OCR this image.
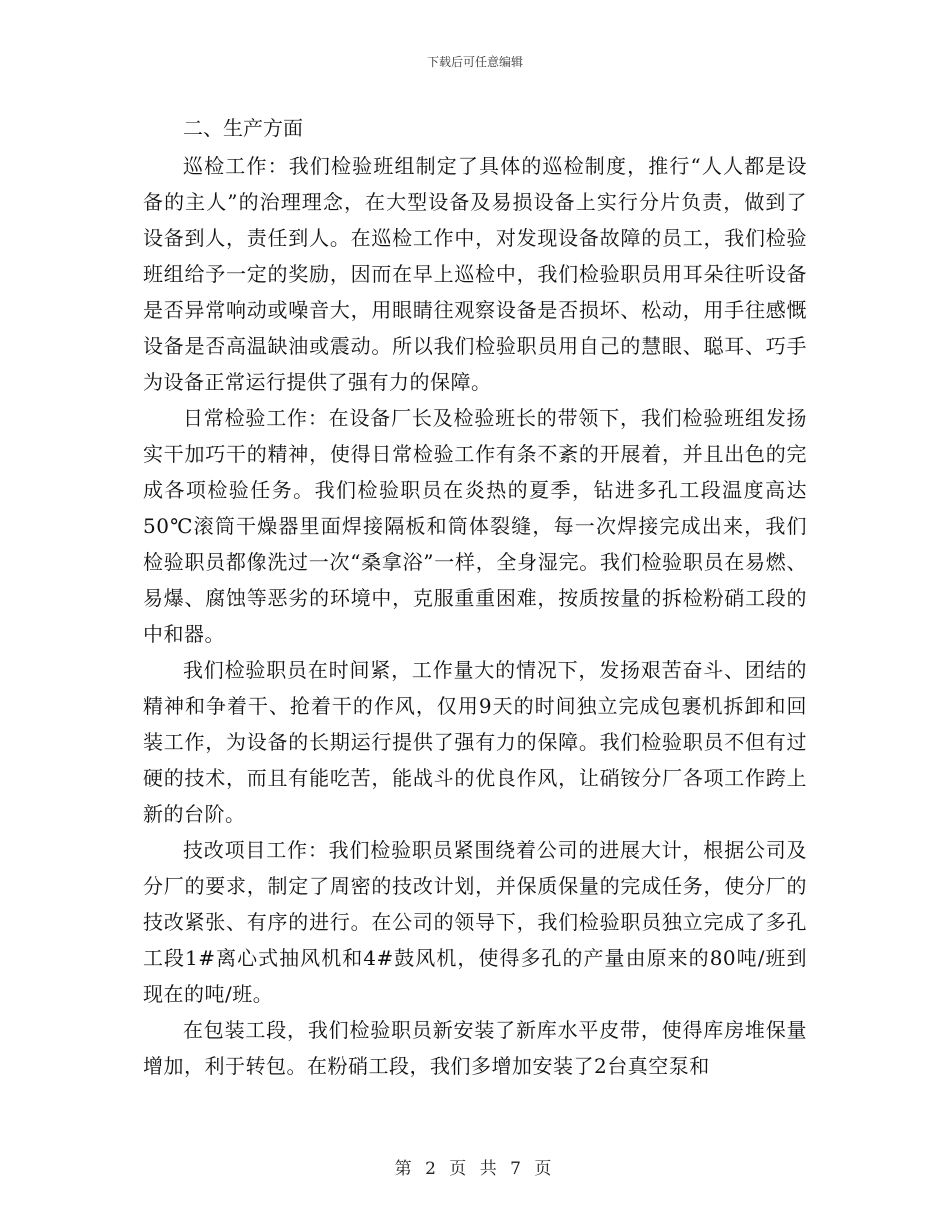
下载后可任意编辑

二、生产方面

巡检工作：我们检验班组制定了具体的巡检制度，推行“人人都是设备的主人”的治理理念，在大型设备及易损设备上实行分片负责，做到了设备到人，责任到人。在巡检工作中，对发现设备故障的员工，我们检验班组给予一定的奖励，因而在早上巡检中，我们检验职员用耳朵往听设备是否异常响动或噪音大，用眼睛往观察设备是否损坏、松动，用手往感慨设备是否高温缺油或震动。所以我们检验职员用自己的慧眼、聪耳、巧手为设备正常运行提供了强有力的保障。

日常检验工作：在设备厂长及检验班长的带领下，我们检验班组发扬实干加巧干的精神，使得日常检验工作有条不紊的开展着，并且出色的完成各项检验任务。我们检验职员在炎热的夏季，钻进多孔工段温度高达50℃滚筒干燥器里面焊接隔板和筒体裂缝，每一次焊接完成出来，我们检验职员都像洗过一次“桑拿浴”一样，全身湿完。我们检验职员在易燃、易爆、腐蚀等恶劣的环境中，克服重重困难，按质按量的拆检粉硝工段的中和器。

我们检验职员在时间紧，工作量大的情况下，发扬艰苦奋斗、团结的精神和争着干、抢着干的作风，仅用9天的时间独立完成包裹机拆卸和回装工作，为设备的长期运行提供了强有力的保障。我们检验职员不但有过硬的技术，而且有能吃苦，能战斗的优良作风，让硝铵分厂各项工作跨上新的台阶。

技改项目工作：我们检验职员紧围绕着公司的进展大计，根据公司及分厂的要求，制定了周密的技改计划，并保质保量的完成任务，使分厂的技改紧张、有序的进行。在公司的领导下，我们检验职员独立完成了多孔工段1#离心式抽风机和4#鼓风机，使得多孔的产量由原来的80吨/班到现在的吨/班。

在包装工段，我们检验职员新安装了新库水平皮带，使得库房堆保量增加，利于转包。在粉硝工段，我们多增加安装了2台真空泵和

第 2 页 共 7 页
